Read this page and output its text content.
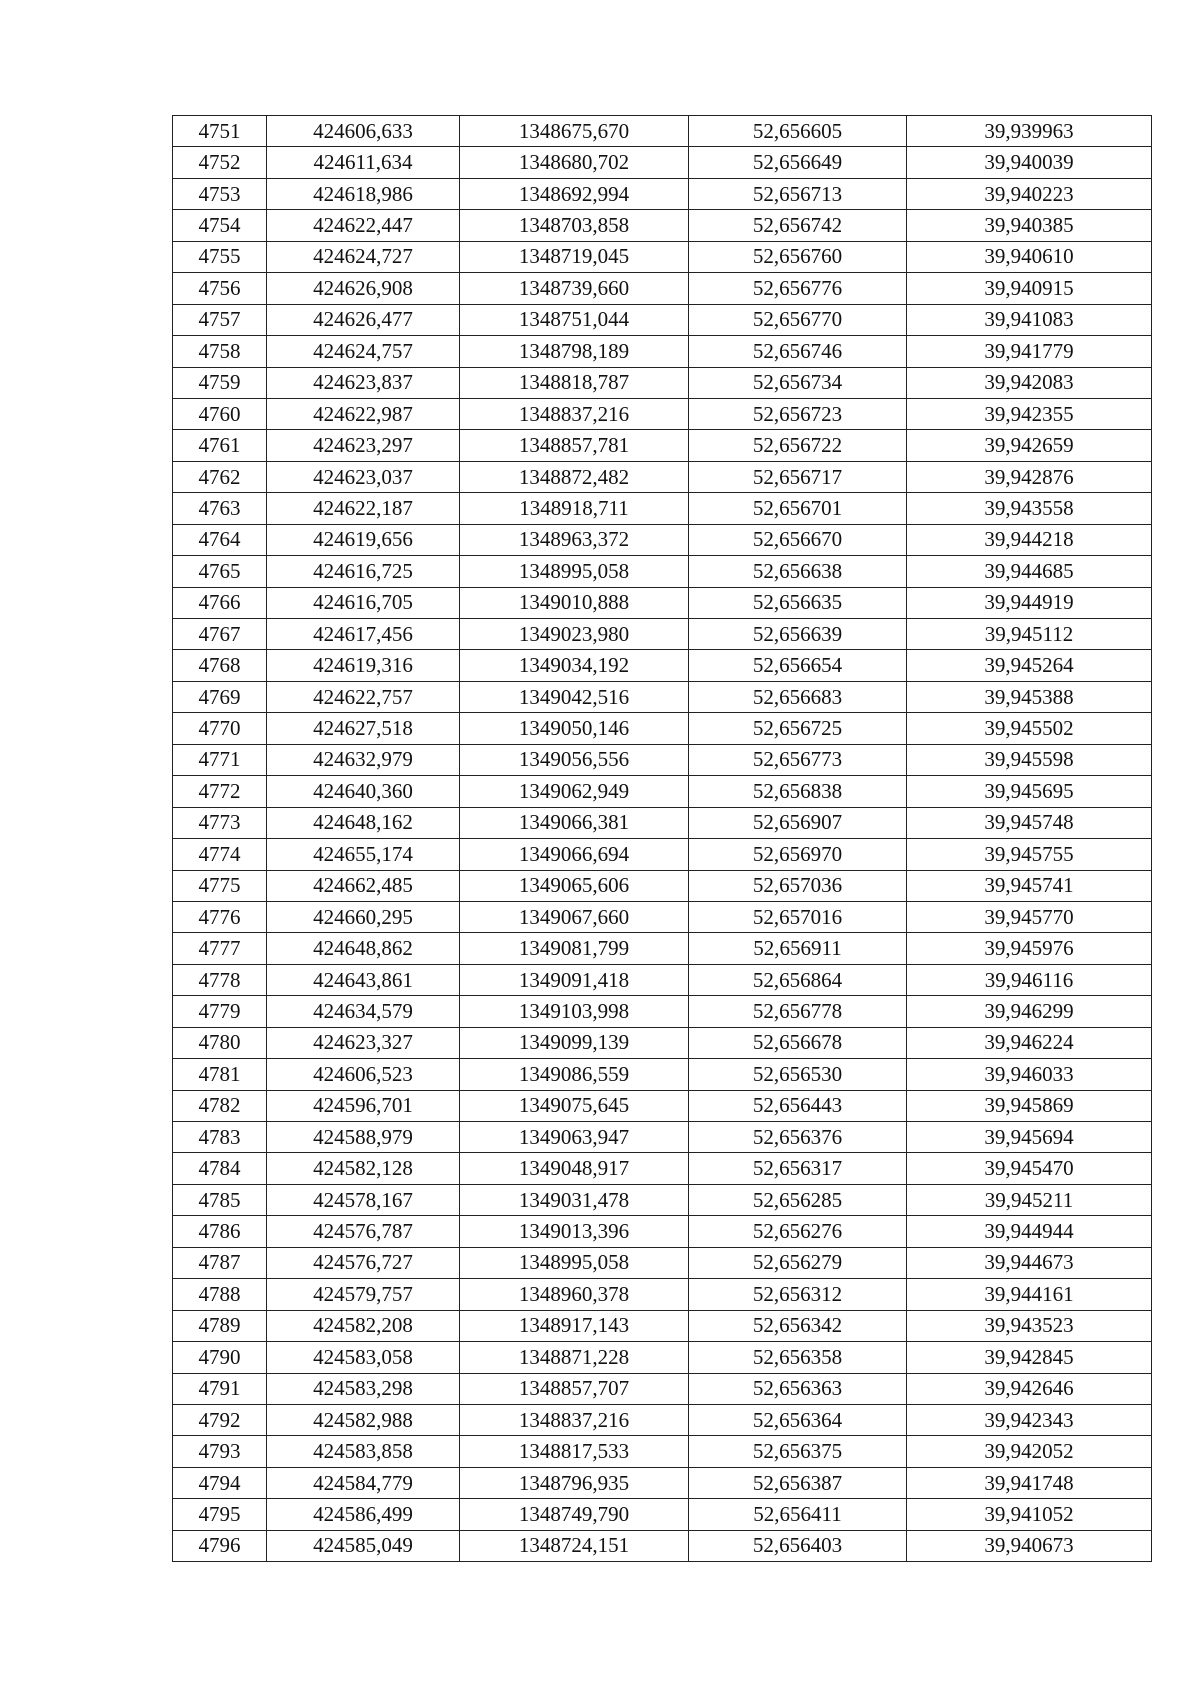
4751	424606,633	1348675,670	52,656605	39,939963
4752	424611,634	1348680,702	52,656649	39,940039
4753	424618,986	1348692,994	52,656713	39,940223
4754	424622,447	1348703,858	52,656742	39,940385
4755	424624,727	1348719,045	52,656760	39,940610
4756	424626,908	1348739,660	52,656776	39,940915
4757	424626,477	1348751,044	52,656770	39,941083
4758	424624,757	1348798,189	52,656746	39,941779
4759	424623,837	1348818,787	52,656734	39,942083
4760	424622,987	1348837,216	52,656723	39,942355
4761	424623,297	1348857,781	52,656722	39,942659
4762	424623,037	1348872,482	52,656717	39,942876
4763	424622,187	1348918,711	52,656701	39,943558
4764	424619,656	1348963,372	52,656670	39,944218
4765	424616,725	1348995,058	52,656638	39,944685
4766	424616,705	1349010,888	52,656635	39,944919
4767	424617,456	1349023,980	52,656639	39,945112
4768	424619,316	1349034,192	52,656654	39,945264
4769	424622,757	1349042,516	52,656683	39,945388
4770	424627,518	1349050,146	52,656725	39,945502
4771	424632,979	1349056,556	52,656773	39,945598
4772	424640,360	1349062,949	52,656838	39,945695
4773	424648,162	1349066,381	52,656907	39,945748
4774	424655,174	1349066,694	52,656970	39,945755
4775	424662,485	1349065,606	52,657036	39,945741
4776	424660,295	1349067,660	52,657016	39,945770
4777	424648,862	1349081,799	52,656911	39,945976
4778	424643,861	1349091,418	52,656864	39,946116
4779	424634,579	1349103,998	52,656778	39,946299
4780	424623,327	1349099,139	52,656678	39,946224
4781	424606,523	1349086,559	52,656530	39,946033
4782	424596,701	1349075,645	52,656443	39,945869
4783	424588,979	1349063,947	52,656376	39,945694
4784	424582,128	1349048,917	52,656317	39,945470
4785	424578,167	1349031,478	52,656285	39,945211
4786	424576,787	1349013,396	52,656276	39,944944
4787	424576,727	1348995,058	52,656279	39,944673
4788	424579,757	1348960,378	52,656312	39,944161
4789	424582,208	1348917,143	52,656342	39,943523
4790	424583,058	1348871,228	52,656358	39,942845
4791	424583,298	1348857,707	52,656363	39,942646
4792	424582,988	1348837,216	52,656364	39,942343
4793	424583,858	1348817,533	52,656375	39,942052
4794	424584,779	1348796,935	52,656387	39,941748
4795	424586,499	1348749,790	52,656411	39,941052
4796	424585,049	1348724,151	52,656403	39,940673
